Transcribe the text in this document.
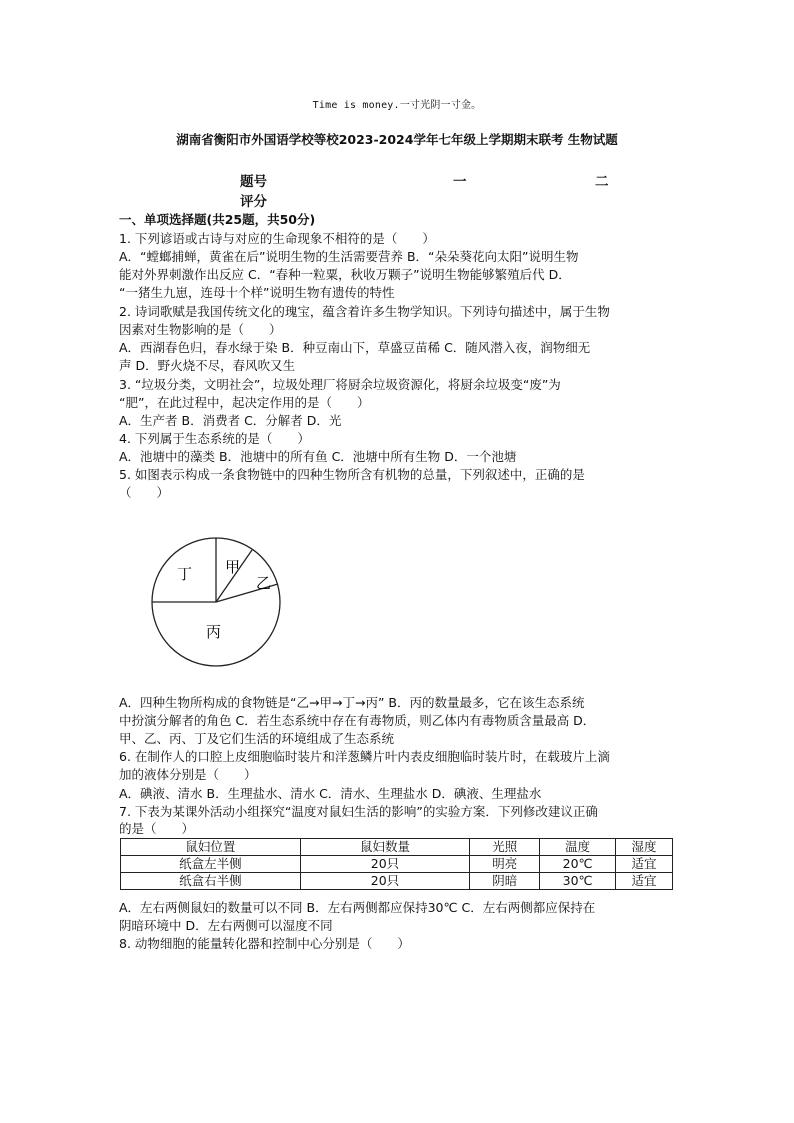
Time is money.一寸光阴一寸金。
湖南省衡阳市外国语学校等校2023-2024学年七年级上学期期末联考 生物试题
题号	一	二
评分
一、单项选择题(共25题，共50分)
1. 下列谚语或古诗与对应的生命现象不相符的是（　　）
A．“螳螂捕蝉，黄雀在后”说明生物的生活需要营养 B．“朵朵葵花向太阳”说明生物
能对外界刺激作出反应 C．“春种一粒粟，秋收万颗子”说明生物能够繁殖后代 D．
“一猪生九崽，连母十个样”说明生物有遗传的特性
2. 诗词歌赋是我国传统文化的瑰宝，蕴含着许多生物学知识。下列诗句描述中，属于生物
因素对生物影响的是（　　）
A．西湖春色归，春水绿于染 B．种豆南山下，草盛豆苗稀 C．随风潜入夜，润物细无
声 D．野火烧不尽，春风吹又生
3. “垃圾分类，文明社会”，垃圾处理厂将厨余垃圾资源化，将厨余垃圾变“废”为
“肥”，在此过程中，起决定作用的是（　　）
A．生产者 B．消费者 C．分解者 D．光
4. 下列属于生态系统的是（　　）
A．池塘中的藻类 B．池塘中的所有鱼 C．池塘中所有生物 D．一个池塘
5. 如图表示构成一条食物链中的四种生物所含有机物的总量，下列叙述中，正确的是
（　　）
甲
乙
丙
丁
A．四种生物所构成的食物链是“乙→甲→丁→丙” B．丙的数量最多，它在该生态系统
中扮演分解者的角色 C．若生态系统中存在有毒物质，则乙体内有毒物质含量最高 D．
甲、乙、丙、丁及它们生活的环境组成了生态系统
6. 在制作人的口腔上皮细胞临时装片和洋葱鳞片叶内表皮细胞临时装片时，在载玻片上滴
加的液体分别是（　　）
A．碘液、清水 B．生理盐水、清水 C．清水、生理盐水 D．碘液、生理盐水
7. 下表为某课外活动小组探究“温度对鼠妇生活的影响”的实验方案．下列修改建议正确
的是（　　）
鼠妇位置	鼠妇数量	光照	温度	湿度
纸盒左半侧	20只	明亮	20℃	适宜
纸盒右半侧	20只	阴暗	30℃	适宜
A．左右两侧鼠妇的数量可以不同 B．左右两侧都应保持30℃ C．左右两侧都应保持在
阴暗环境中 D．左右两侧可以湿度不同
8. 动物细胞的能量转化器和控制中心分别是（　　）
